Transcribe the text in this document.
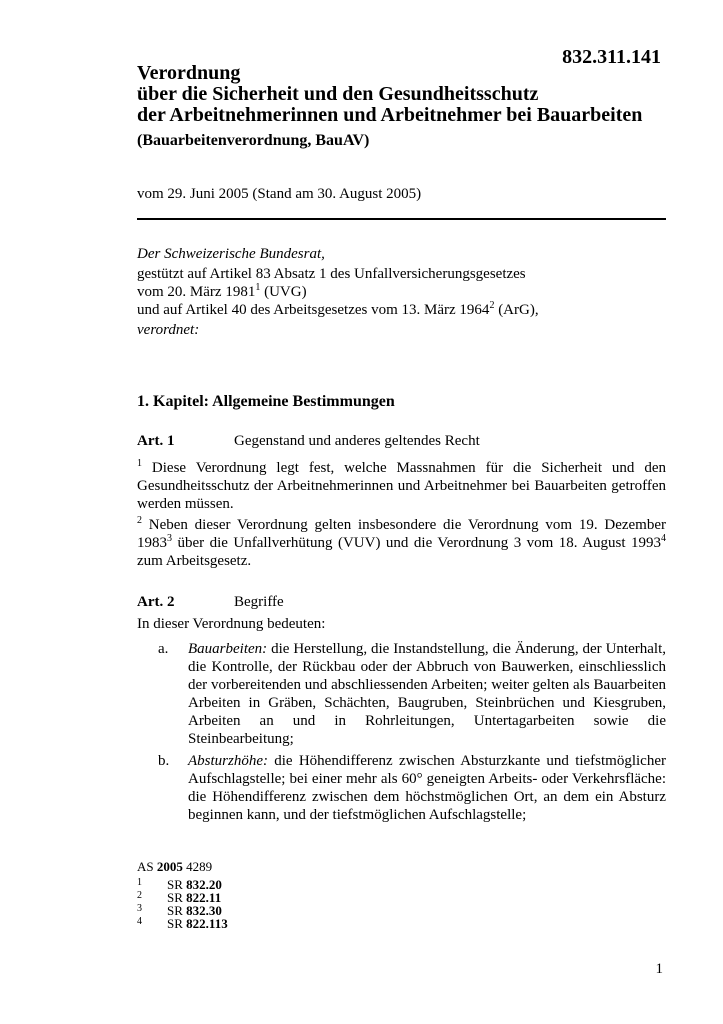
832.311.141
Verordnung
über die Sicherheit und den Gesundheitsschutz
der Arbeitnehmerinnen und Arbeitnehmer bei Bauarbeiten
(Bauarbeitenverordnung, BauAV)
vom 29. Juni 2005 (Stand am 30. August 2005)
Der Schweizerische Bundesrat,
gestützt auf Artikel 83 Absatz 1 des Unfallversicherungsgesetzes
vom 20. März 1981$^1$ (UVG)
und auf Artikel 40 des Arbeitsgesetzes vom 13. März 1964$^2$ (ArG),
verordnet:
1. Kapitel: Allgemeine Bestimmungen
Art. 1	Gegenstand und anderes geltendes Recht
$^1$ Diese Verordnung legt fest, welche Massnahmen für die Sicherheit und den Gesundheitsschutz der Arbeitnehmerinnen und Arbeitnehmer bei Bauarbeiten getroffen werden müssen.
$^2$ Neben dieser Verordnung gelten insbesondere die Verordnung vom 19. Dezember 1983$^3$ über die Unfallverhütung (VUV) und die Verordnung 3 vom 18. August 1993$^4$ zum Arbeitsgesetz.
Art. 2	Begriffe
In dieser Verordnung bedeuten:
a. Bauarbeiten: die Herstellung, die Instandstellung, die Änderung, der Unterhalt, die Kontrolle, der Rückbau oder der Abbruch von Bauwerken, einschliesslich der vorbereitenden und abschliessenden Arbeiten; weiter gelten als Bauarbeiten Arbeiten in Gräben, Schächten, Baugruben, Steinbrüchen und Kiesgruben, Arbeiten an und in Rohrleitungen, Untertagarbeiten sowie die Steinbearbeitung;
b. Absturzhöhe: die Höhendifferenz zwischen Absturzkante und tiefstmöglicher Aufschlagstelle; bei einer mehr als 60° geneigten Arbeits- oder Verkehrsfläche: die Höhendifferenz zwischen dem höchstmöglichen Ort, an dem ein Absturz beginnen kann, und der tiefstmöglichen Aufschlagstelle;
AS 2005 4289
1 SR 832.20
2 SR 822.11
3 SR 832.30
4 SR 822.113
1
